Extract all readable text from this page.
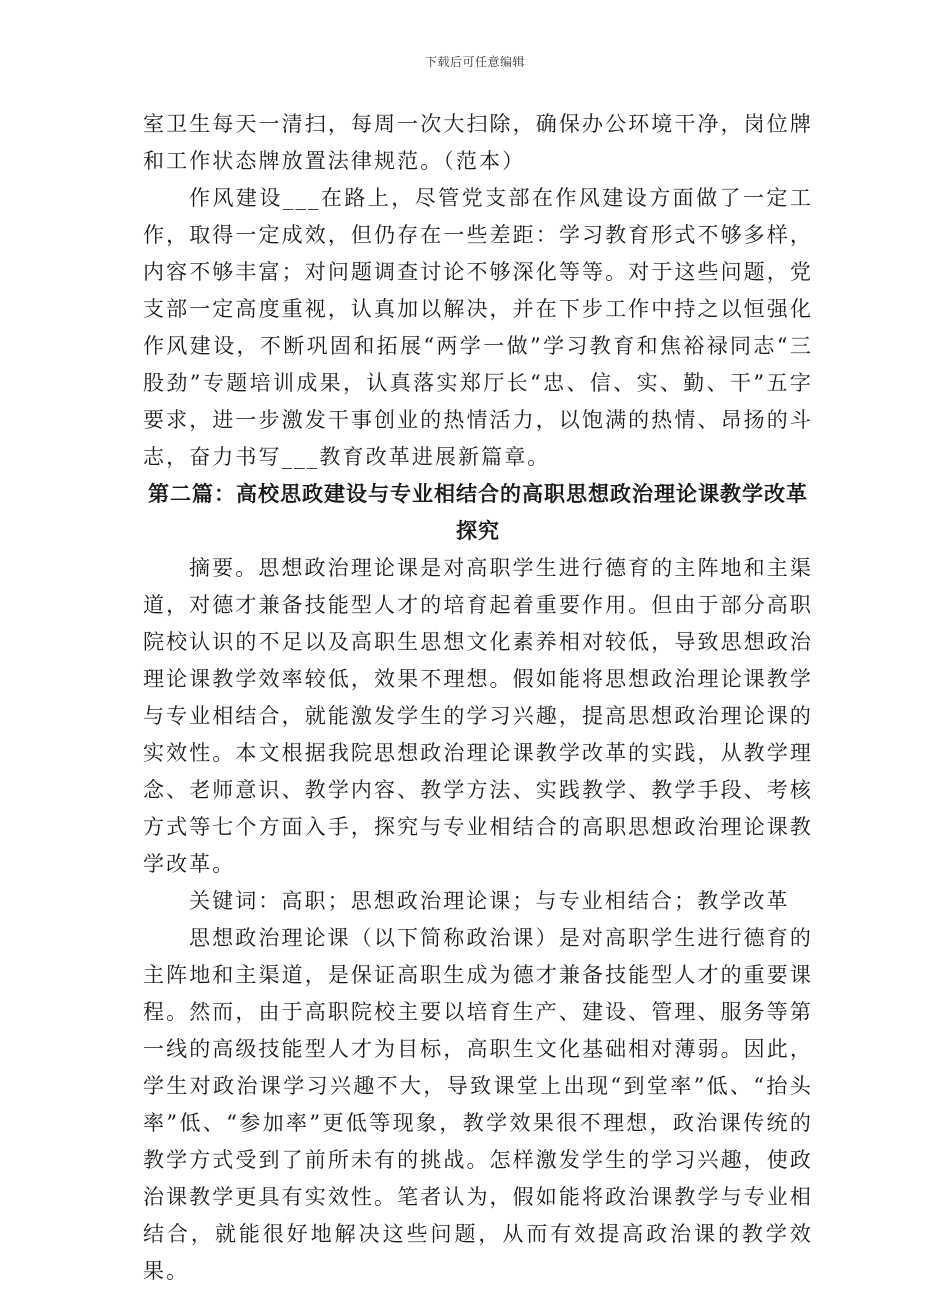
下载后可任意编辑

室卫生每天一清扫，每周一次大扫除，确保办公环境干净，岗位牌和工作状态牌放置法律规范。（范本）

作风建设___在路上，尽管党支部在作风建设方面做了一定工作，取得一定成效，但仍存在一些差距：学习教育形式不够多样，内容不够丰富；对问题调查讨论不够深化等等。对于这些问题，党支部一定高度重视，认真加以解决，并在下步工作中持之以恒强化作风建设，不断巩固和拓展“两学一做”学习教育和焦裕禄同志“三股劲”专题培训成果，认真落实郑厅长“忠、信、实、勤、干”五字要求，进一步激发干事创业的热情活力，以饱满的热情、昂扬的斗志，奋力书写___教育改革进展新篇章。

第二篇：高校思政建设与专业相结合的高职思想政治理论课教学改革探究

摘要。思想政治理论课是对高职学生进行德育的主阵地和主渠道，对德才兼备技能型人才的培育起着重要作用。但由于部分高职院校认识的不足以及高职生思想文化素养相对较低，导致思想政治理论课教学效率较低，效果不理想。假如能将思想政治理论课教学与专业相结合，就能激发学生的学习兴趣，提高思想政治理论课的实效性。本文根据我院思想政治理论课教学改革的实践，从教学理念、老师意识、教学内容、教学方法、实践教学、教学手段、考核方式等七个方面入手，探究与专业相结合的高职思想政治理论课教学改革。

关键词：高职；思想政治理论课；与专业相结合；教学改革

思想政治理论课（以下简称政治课）是对高职学生进行德育的主阵地和主渠道，是保证高职生成为德才兼备技能型人才的重要课程。然而，由于高职院校主要以培育生产、建设、管理、服务等第一线的高级技能型人才为目标，高职生文化基础相对薄弱。因此，学生对政治课学习兴趣不大，导致课堂上出现“到堂率”低、“抬头率”低、“参加率”更低等现象，教学效果很不理想，政治课传统的教学方式受到了前所未有的挑战。怎样激发学生的学习兴趣，使政治课教学更具有实效性。笔者认为，假如能将政治课教学与专业相结合，就能很好地解决这些问题，从而有效提高政治课的教学效果。
